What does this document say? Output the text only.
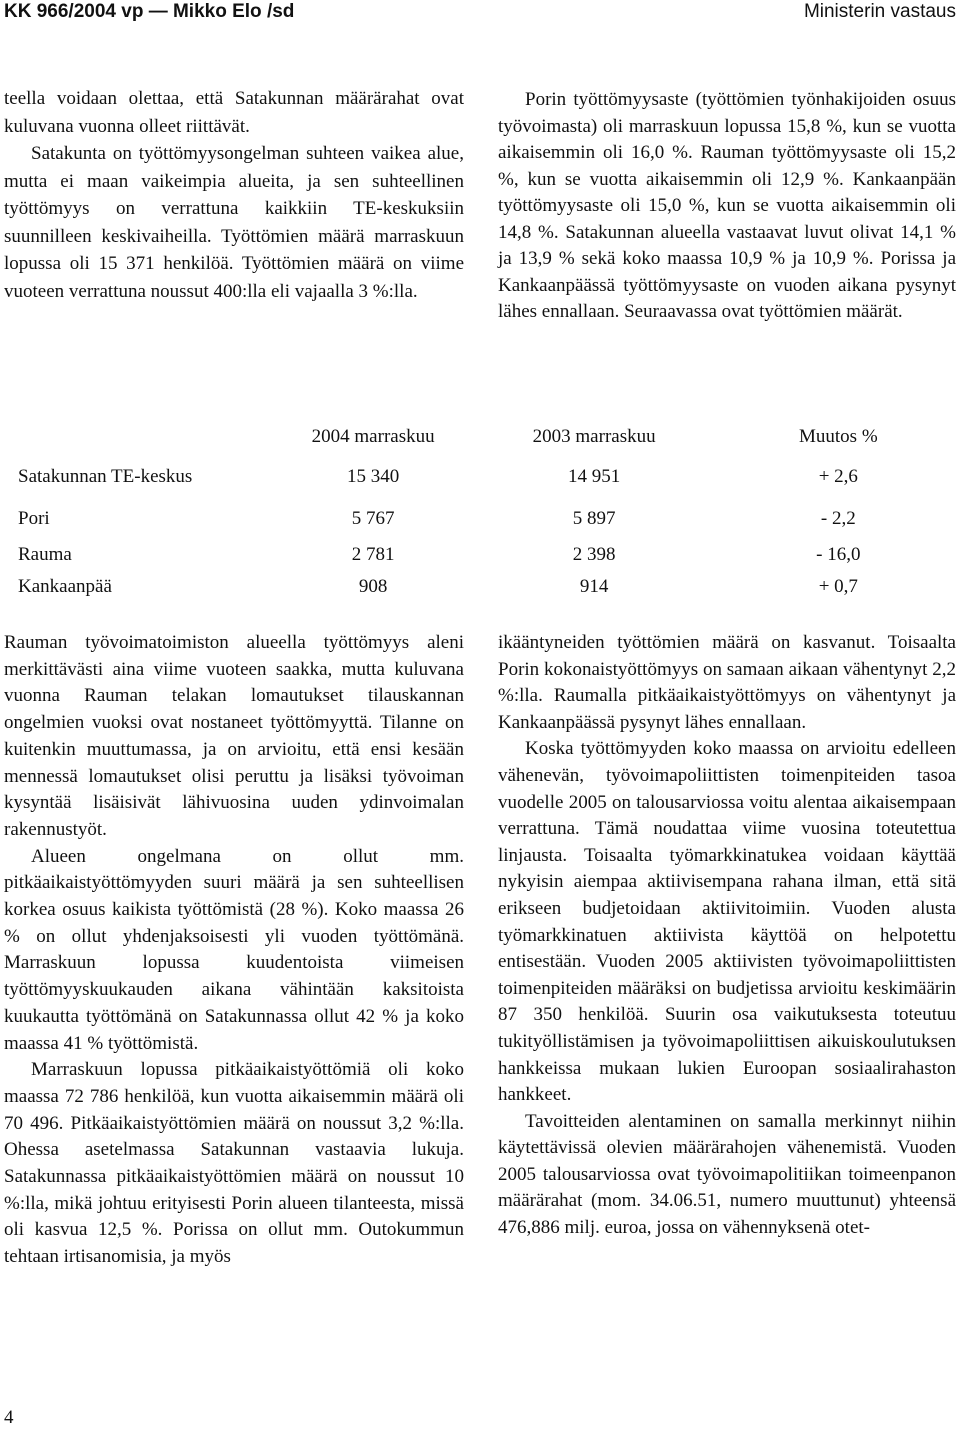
KK 966/2004 vp — Mikko Elo /sd	Ministerin vastaus

teella voidaan olettaa, että Satakunnan määrärahat ovat kuluvana vuonna olleet riittävät.

Satakunta on työttömyysongelman suhteen vaikea alue, mutta ei maan vaikeimpia alueita, ja sen suhteellinen työttömyys on verrattuna kaikkiin TE-keskuksiin suunnilleen keskivaiheilla. Työttömien määrä marraskuun lopussa oli 15 371 henkilöä. Työttömien määrä on viime vuoteen verrattuna noussut 400:lla eli vajaalla 3 %:lla.

Porin työttömyysaste (työttömien työnhakijoiden osuus työvoimasta) oli marraskuun lopussa 15,8 %, kun se vuotta aikaisemmin oli 16,0 %. Rauman työttömyysaste oli 15,2 %, kun se vuotta aikaisemmin oli 12,9 %. Kankaanpään työttömyysaste oli 15,0 %, kun se vuotta aikaisemmin oli 14,8 %. Satakunnan alueella vastaavat luvut olivat 14,1 % ja 13,9 % sekä koko maassa 10,9 % ja 10,9 %. Porissa ja Kankaanpäässä työttömyysaste on vuoden aikana pysynyt lähes ennallaan. Seuraavassa ovat työttömien määrät.

	2004 marraskuu	2003 marraskuu	Muutos %
Satakunnan TE-keskus	15 340	14 951	+ 2,6
Pori	5 767	5 897	- 2,2
Rauma	2 781	2 398	- 16,0
Kankaanpää	908	914	+ 0,7

Rauman työvoimatoimiston alueella työttömyys aleni merkittävästi aina viime vuoteen saakka, mutta kuluvana vuonna Rauman telakan lomautukset tilauskannan ongelmien vuoksi ovat nostaneet työttömyyttä. Tilanne on kuitenkin muuttumassa, ja on arvioitu, että ensi kesään mennessä lomautukset olisi peruttu ja lisäksi työvoiman kysyntää lisäisivät lähivuosina uuden ydinvoimalan rakennustyöt.

Alueen ongelmana on ollut mm. pitkäaikaistyöttömyyden suuri määrä ja sen suhteellisen korkea osuus kaikista työttömistä (28 %). Koko maassa 26 % on ollut yhdenjaksoisesti yli vuoden työttömänä. Marraskuun lopussa kuudentoista viimeisen työttömyyskuukauden aikana vähintään kaksitoista kuukautta työttömänä on Satakunnassa ollut 42 % ja koko maassa 41 % työttömistä.

Marraskuun lopussa pitkäaikaistyöttömiä oli koko maassa 72 786 henkilöä, kun vuotta aikaisemmin määrä oli 70 496. Pitkäaikaistyöttömien määrä on noussut 3,2 %:lla. Ohessa asetelmassa Satakunnan vastaavia lukuja. Satakunnassa pitkäaikaistyöttömien määrä on noussut 10 %:lla, mikä johtuu erityisesti Porin alueen tilanteesta, missä oli kasvua 12,5 %. Porissa on ollut mm. Outokummun tehtaan irtisanomisia, ja myös

ikääntyneiden työttömien määrä on kasvanut. Toisaalta Porin kokonaistyöttömyys on samaan aikaan vähentynyt 2,2 %:lla. Raumalla pitkäaikaistyöttömyys on vähentynyt ja Kankaanpäässä pysynyt lähes ennallaan.

Koska työttömyyden koko maassa on arvioitu edelleen vähenevän, työvoimapoliittisten toimenpiteiden tasoa vuodelle 2005 on talousarviossa voitu alentaa aikaisempaan verrattuna. Tämä noudattaa viime vuosina toteutettua linjausta. Toisaalta työmarkkinatukea voidaan käyttää nykyisin aiempaa aktiivisempana rahana ilman, että sitä erikseen budjetoidaan aktiivitoimiin. Vuoden alusta työmarkkinatuen aktiivista käyttöä on helpotettu entisestään. Vuoden 2005 aktiivisten työvoimapoliittisten toimenpiteiden määräksi on budjetissa arvioitu keskimäärin 87 350 henkilöä. Suurin osa vaikutuksesta toteutuu tukityöllistämisen ja työvoimapoliittisen aikuiskoulutuksen hankkeissa mukaan lukien Euroopan sosiaalirahaston hankkeet.

Tavoitteiden alentaminen on samalla merkinnyt niihin käytettävissä olevien määrärahojen vähenemistä. Vuoden 2005 talousarviossa ovat työvoimapolitiikan toimeenpanon määrärahat (mom. 34.06.51, numero muuttunut) yhteensä 476,886 milj. euroa, jossa on vähennyksenä otet-

4
